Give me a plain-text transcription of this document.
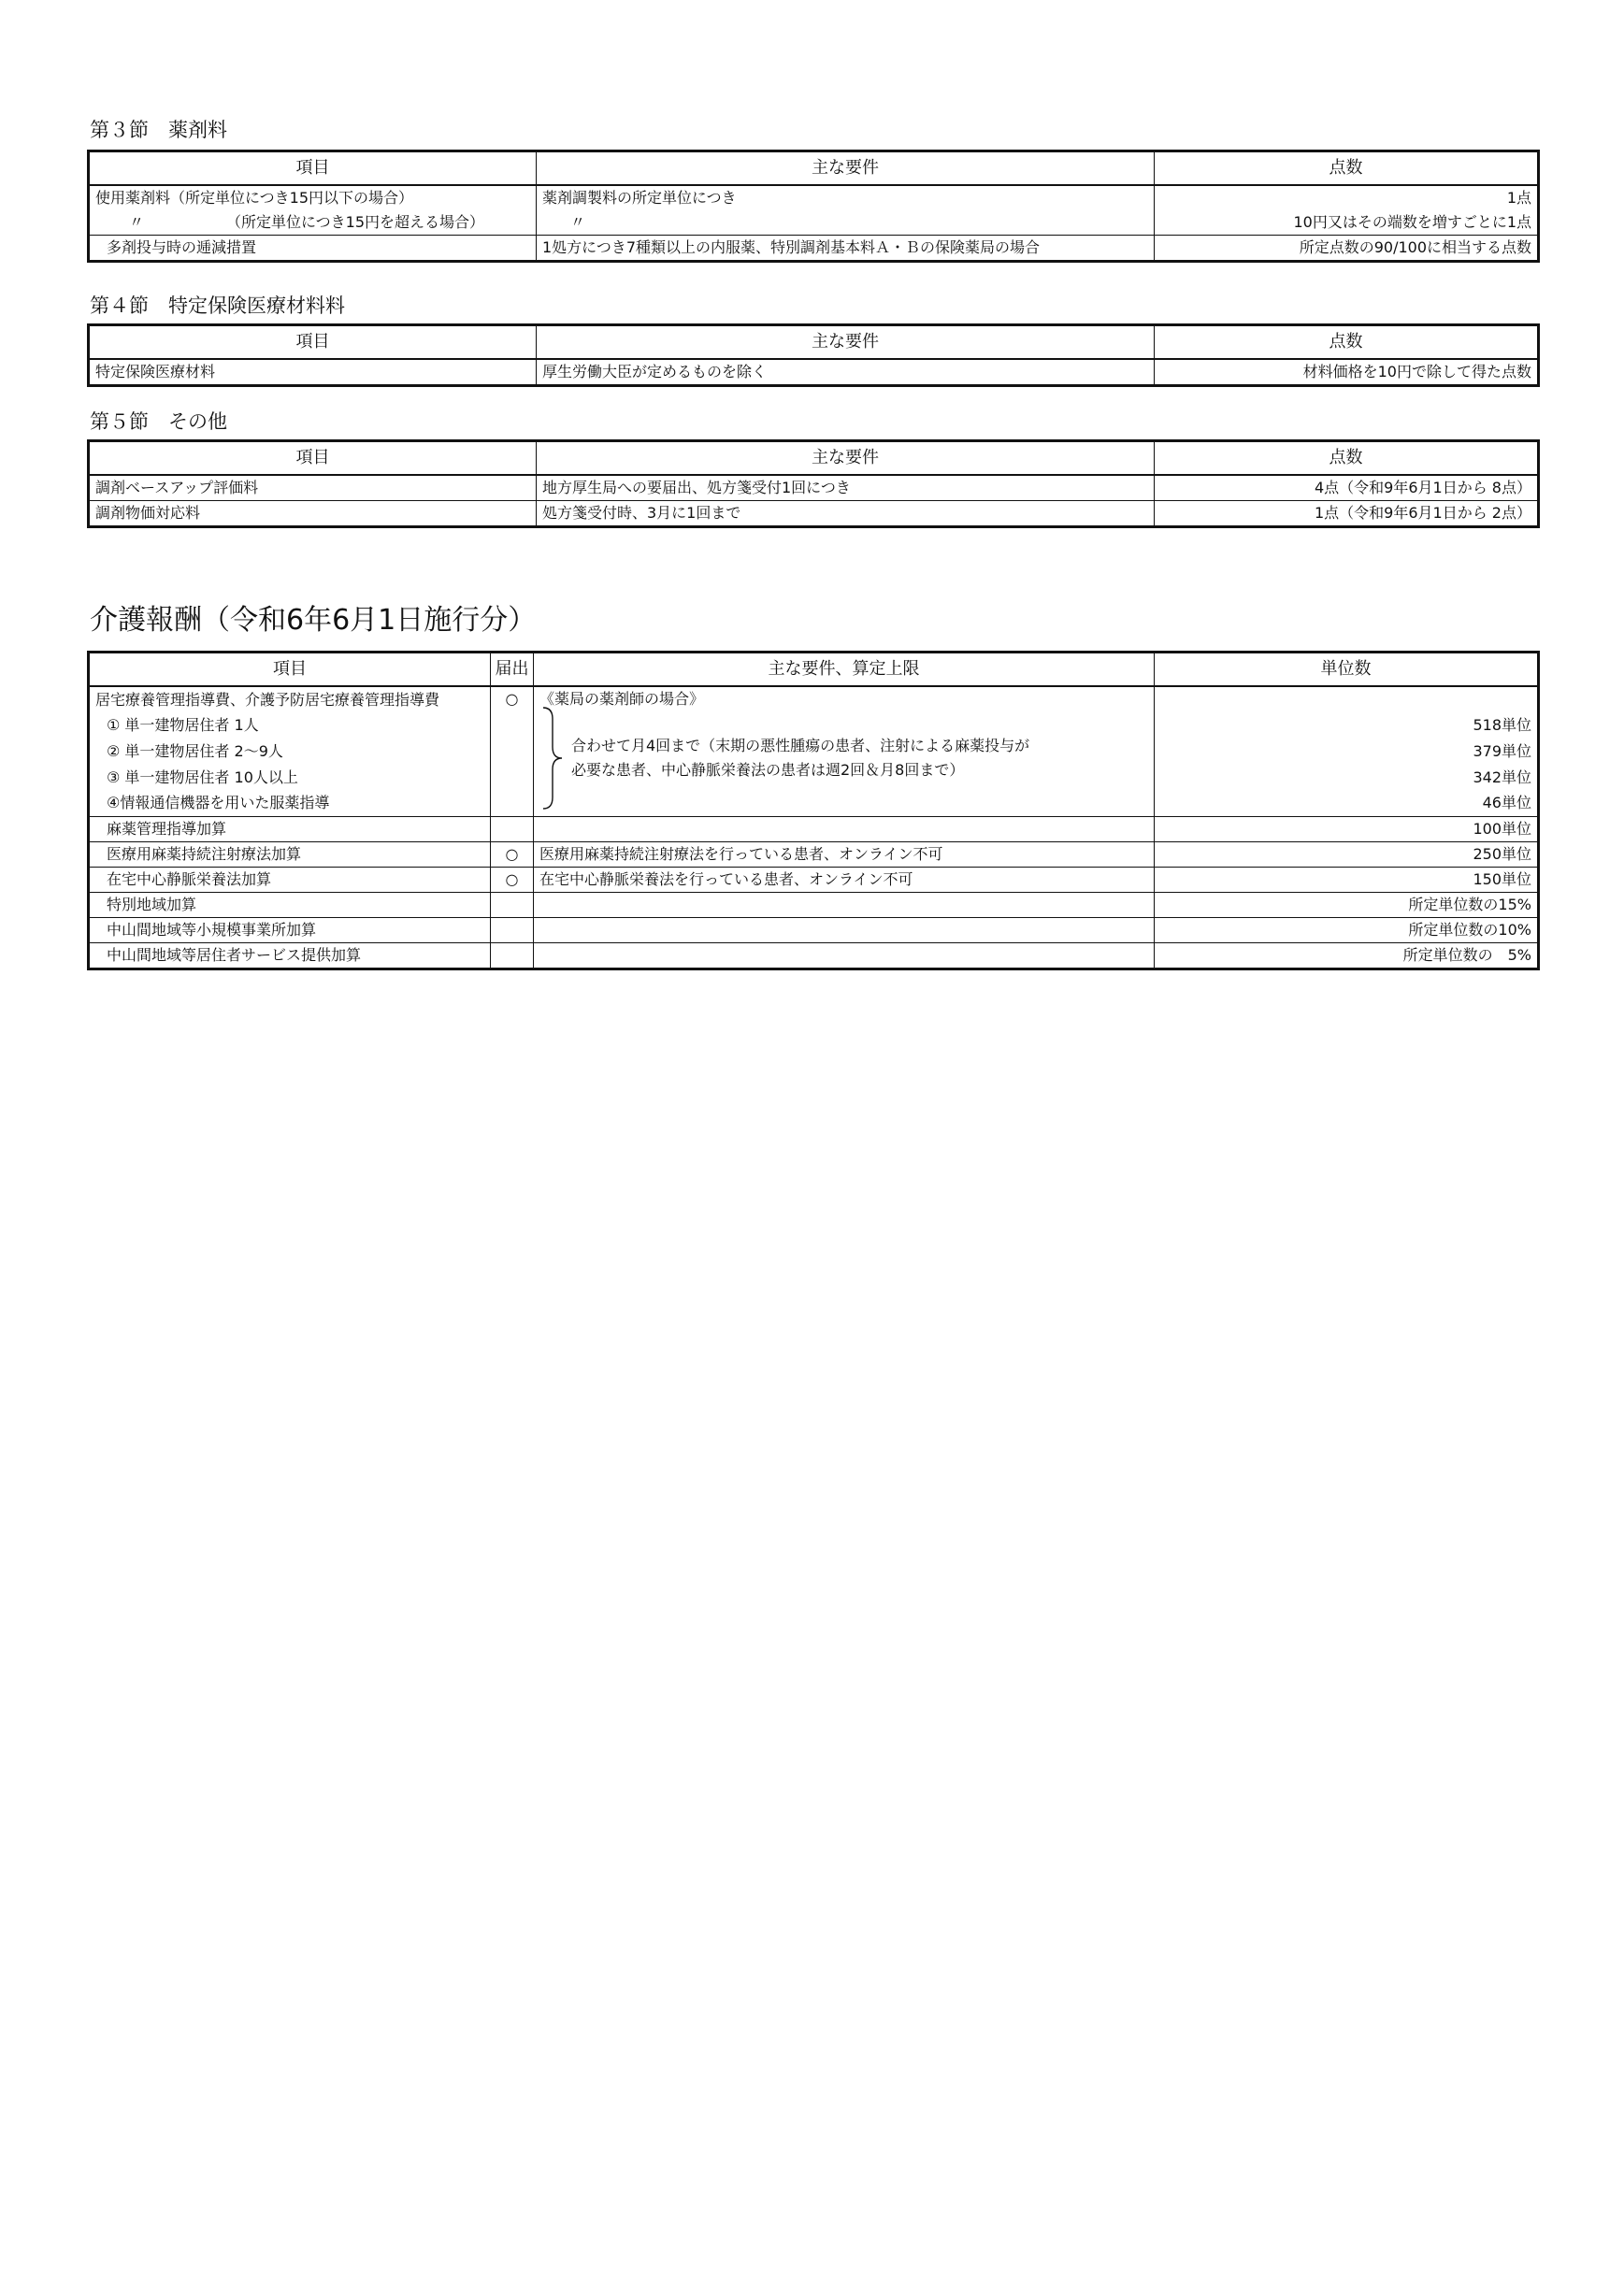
第３節　薬剤料
項目	主な要件	点数
使用薬剤料（所定単位につき15円以下の場合）	薬剤調製料の所定単位につき	1点
〃 （所定単位につき15円を超える場合）	〃	10円又はその端数を増すごとに1点
多剤投与時の逓減措置	1処方につき7種類以上の内服薬、特別調剤基本料Ａ・Ｂの保険薬局の場合	所定点数の90/100に相当する点数
第４節　特定保険医療材料料
項目	主な要件	点数
特定保険医療材料	厚生労働大臣が定めるものを除く	材料価格を10円で除して得た点数
第５節　その他
項目	主な要件	点数
調剤ベースアップ評価料	地方厚生局への要届出、処方箋受付1回につき	4点（令和9年6月1日から 8点）
調剤物価対応料	処方箋受付時、3月に1回まで	1点（令和9年6月1日から 2点）
介護報酬（令和6年6月1日施行分）
項目	届出	主な要件、算定上限	単位数
居宅療養管理指導費、介護予防居宅療養管理指導費	○	《薬局の薬剤師の場合》
合わせて月4回まで（末期の悪性腫瘍の患者、注射による麻薬投与が
必要な患者、中心静脈栄養法の患者は週2回＆月8回まで）	

① 単一建物居住者 1人			518単位
② 単一建物居住者 2～9人			379単位
③ 単一建物居住者 10人以上			342単位
④情報通信機器を用いた服薬指導			46単位
麻薬管理指導加算			100単位
医療用麻薬持続注射療法加算	○	医療用麻薬持続注射療法を行っている患者、オンライン不可	250単位
在宅中心静脈栄養法加算	○	在宅中心静脈栄養法を行っている患者、オンライン不可	150単位
特別地域加算			所定単位数の15%
中山間地域等小規模事業所加算			所定単位数の10%
中山間地域等居住者サービス提供加算			所定単位数の　5%
